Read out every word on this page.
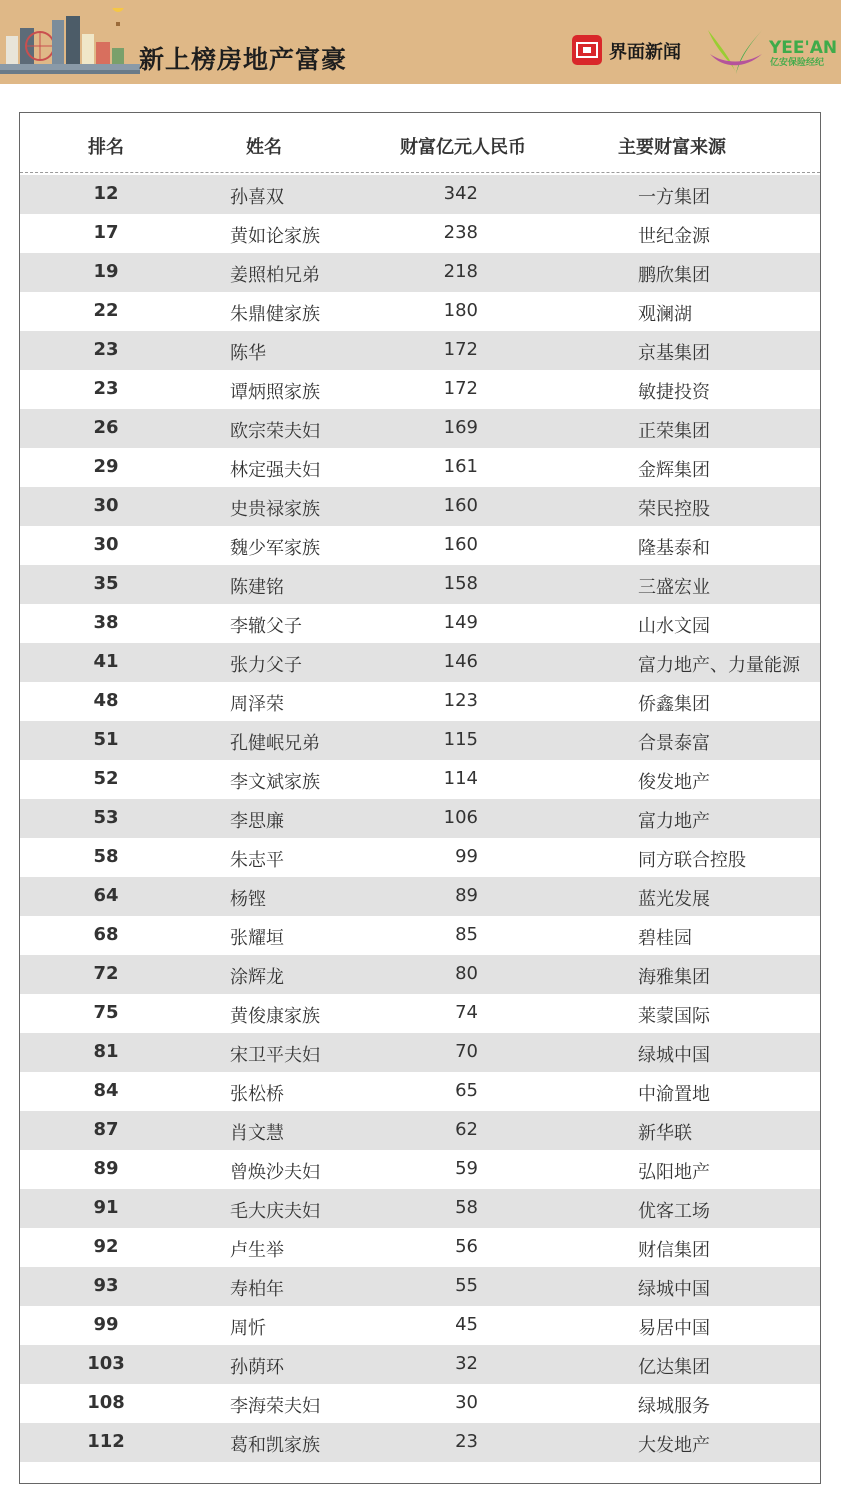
新上榜房地产富豪	界面新闻	YEE'AN
亿安保险经纪
排名	姓名	财富亿元人民币	主要财富来源
12	孙喜双	342	一方集团
17	黄如论家族	238	世纪金源
19	姜照柏兄弟	218	鹏欣集团
22	朱鼎健家族	180	观澜湖
23	陈华	172	京基集团
23	谭炳照家族	172	敏捷投资
26	欧宗荣夫妇	169	正荣集团
29	林定强夫妇	161	金辉集团
30	史贵禄家族	160	荣民控股
30	魏少军家族	160	隆基泰和
35	陈建铭	158	三盛宏业
38	李辙父子	149	山水文园
41	张力父子	146	富力地产、力量能源
48	周泽荣	123	侨鑫集团
51	孔健岷兄弟	115	合景泰富
52	李文斌家族	114	俊发地产
53	李思廉	106	富力地产
58	朱志平	99	同方联合控股
64	杨铿	89	蓝光发展
68	张耀垣	85	碧桂园
72	涂辉龙	80	海雅集团
75	黄俊康家族	74	莱蒙国际
81	宋卫平夫妇	70	绿城中国
84	张松桥	65	中渝置地
87	肖文慧	62	新华联
89	曾焕沙夫妇	59	弘阳地产
91	毛大庆夫妇	58	优客工场
92	卢生举	56	财信集团
93	寿柏年	55	绿城中国
99	周忻	45	易居中国
103	孙荫环	32	亿达集团
108	李海荣夫妇	30	绿城服务
112	葛和凯家族	23	大发地产
